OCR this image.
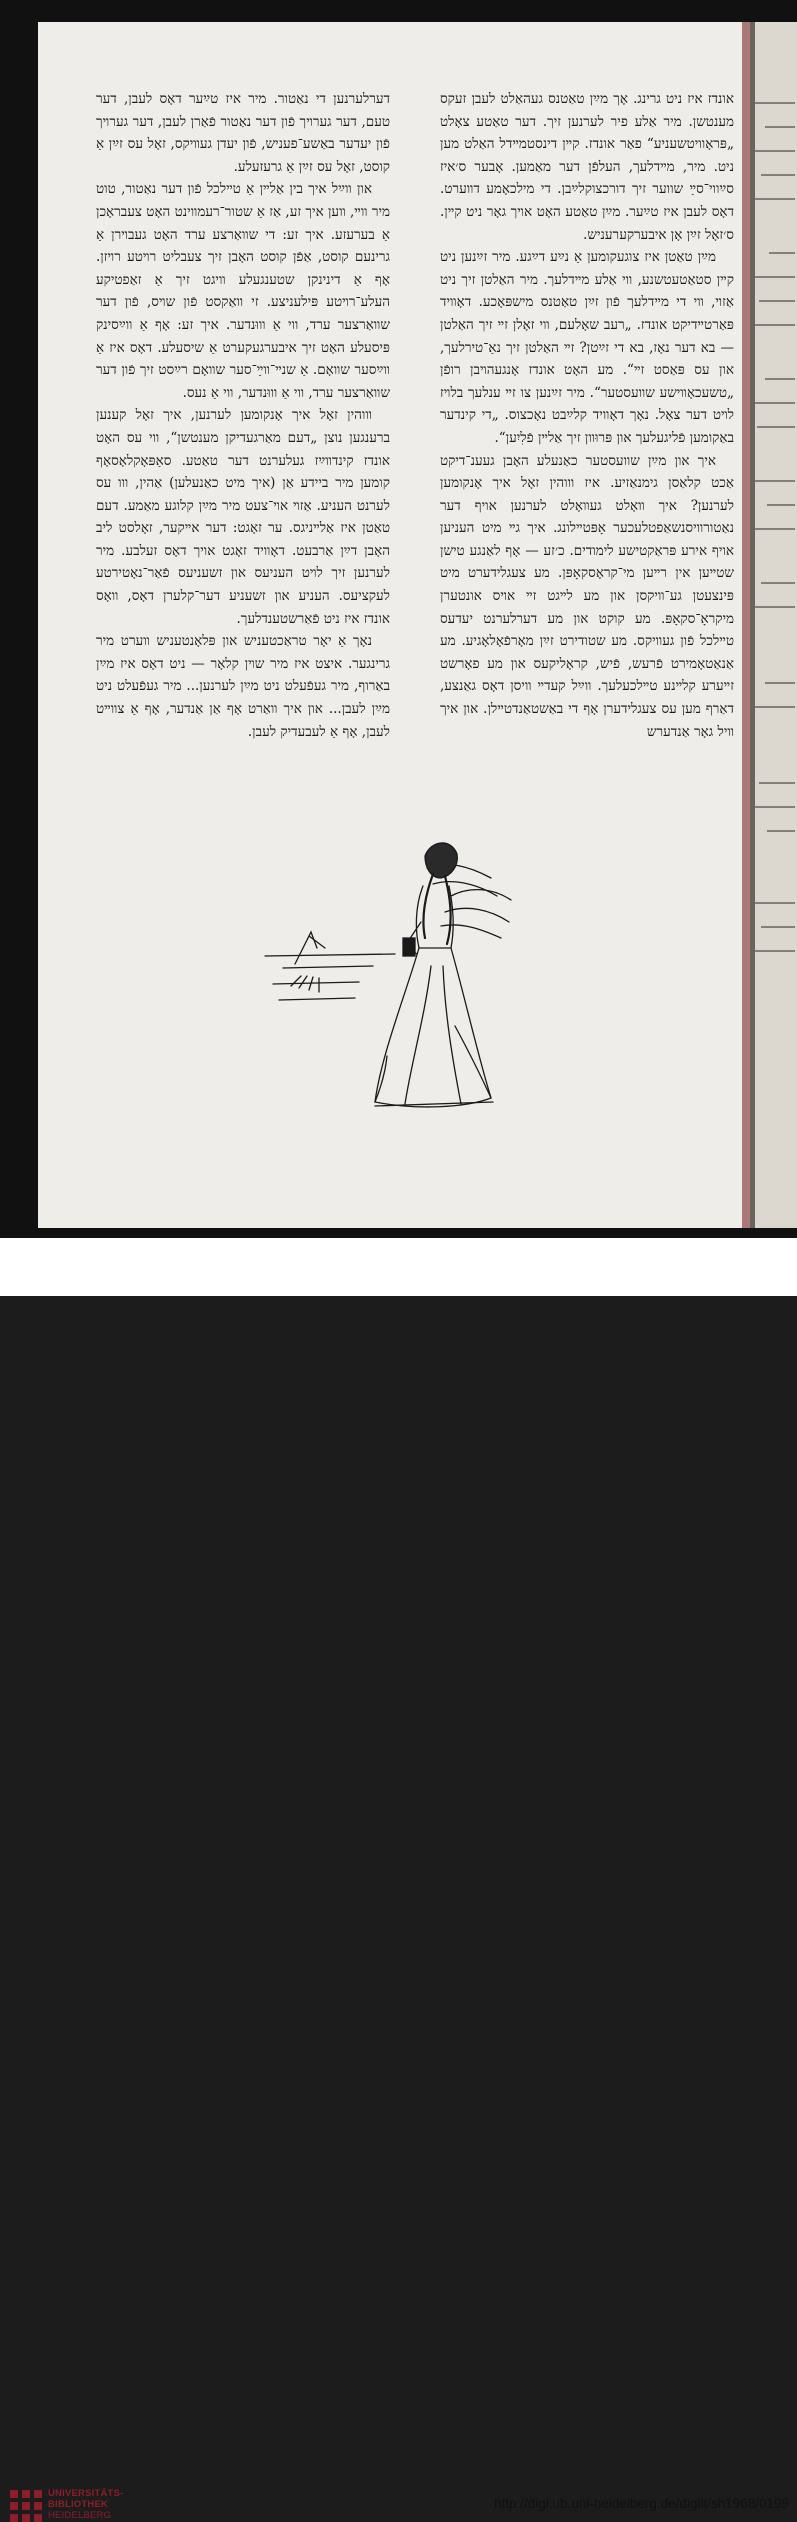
אונדז איז ניט גרינג. אָך מײַן טאַטנס געהאַלט לעבן זעקס מענטשן. מיר אַלע פיר לערנען זיך. דער טאַטע צאָלט „פּראָוויטשעניע“ פאַר אונדז. קײן דינסטמײדל האַלט מען ניט. מיר, מײדלעך, העלפֿן דער מאַמען. אָבער ס׳איז סײַווי־סײַ שווער זיך דורכצוקלײַבן. די מילכאָמע דװערט. דאָס לעבן איז טײַער. מײַן טאַטע האָט אױך גאָר ניט קײן. ס׳זאָל זײַן אָן איבערקערעניש.

מײַן טאַטן איז צוגעקומען אַ נײַע דײַגע. מיר זײַנען ניט קײן סטאַטעטשנע, װי אַלע מײדלעך. מיר האַלטן זיך ניט אַזױ, װי די מײדלעך פֿון זײַן טאַטנס מישפּאָכע. דאָװיד פּאַרטײדיקט אונדז. „רעב שאָלעם, װי זאָלן זײ זיך האַלטן — בא דער נאָז, בא די זײַטן? זײ האַלטן זיך נאַ־טירלעך, און עס פּאַסט זײ“. מע האָט אונדז אָנגעהױבן רופֿן „טשעכאָװישע שװעסטער“. מיר זײַנען צו זײ ענלעך בלױז לױט דער צאָל. נאָך דאָװיד קלײַבט נאָכצוס. „די קינדער באַקומען פֿליגעלעך און פּרוּװן זיך אַלײן פֿלִיִען“.

איך און מײַן שװעסטער כאַנעלע האָבן געענ־דיקט אַכט קלאַסן גימנאַזיע. איז װוהין זאָל איך אָנקומען לערנען? איך װאָלט געװאָלט לערנען אויף דער נאַטורװיסנשאַפטלעכער אָפּטײלונג. איך גײ מיט העניען אויף אירע פּראַקטישע לימודים. כ׳זע — אָף לאַנגע טישן שטײען אין רײען מי־קראָסקאָפּן. מע צעגלידערט מיט פּינצעטן גע־װיקסן און מע לײגט זײ אױס אונטערן מיקראָ־סקאָפּ. מע קוקט און מע דערלערנט יעדעס טײלכל פֿון געװיקס. מע שטודירט זײַן מאָרפֿאָלאָגיע. מע אַנאַטאָמירט פֿרעש, פֿיש, קראָליקעס און מע פאָרשט זײערע קלײנע טײלכעלעך. װײַל קעדײ װיסן דאָס גאַנצע, דאַרף מען עס צעגלידערן אָף די באַשטאַנדטײלן. און איך װיל גאָר אַנדערש

דערלערנען די נאַטור. מיר איז טײַער דאָס לעבן, דער טעם, דער גערױך פֿון דער נאַטור פֿאַרן לעבן, דער גערױך פֿון יעדער באַשע־פעניש, פֿון יעדן געװיקס, זאָל עס זײַן אַ קוסט, זאָל עס זײַן אַ גרעזעלע.

און װײַל איך בין אַלײן אַ טײלכל פֿון דער נאַטור, טוט מיר װײ, װען איך זע, אַז אַ שטור־רעמװינט האָט צעבראָכן אַ בערעזע. איך זע: די שװאַרצע ערד האָט געבױרן אַ גרינעם קוסט, אַפֿן קוסט האָבן זיך צעבליט רױטע רױזן. אָף אַ דינינקן שטענגעלע װיגט זיך אַ זאַפטיקע העלע־רױטע פּילעניצע. זי װאַקסט פֿון שױס, פֿון דער שװאַרצער ערד, װי אַ װוּנדער. איך זע: אָף אַ װײַסינק פּיסעלע האָט זיך איבערגעקערט אַ שיסעלע. דאָס איז אַ װײַסער שװאָם. אַ שנײ־װײַ־סער שװאָם רײַסט זיך פֿון דער שװאַרצער ערד, װי אַ װוּנדער, װי אַ נעס.

װוהין זאָל איך אָנקומען לערנען, איך זאָל קענען ברענגען נוצן „דעם מאַרגעדיקן מענטשן“, װי עס האָט אונדז קינדװײַז געלערנט דער טאַטע. סאַפּאָקלאָסאָף קומען מיר ביידע אַן (איך מיט כאַנעלען) אַהין, װו עס לערנט העניע. אַזױ אױ־צעט מיר מײַן קלוגע מאַמע. דעם טאַטן איז אַלײניגס. ער זאָגט: דער אײקער, זאָלסט ליב האָבן דײַן אַרבעט. דאָװיד זאָגט אויך דאָס זעלבע. מיר לערנען זיך לױט העניעס און זשעניעס פֿאַר־נאָטירטע לעקציעס. העניע און זשעניע דער־קלערן דאָס, װאָס אונדז איז ניט פֿאַרשטענדלעך.

נאָך אַ יאָר טראַכטעניש און פּלאָנטעניש װערט מיר גרינגער. איצט איז מיר שױן קלאָר — ניט דאָס איז מײַן באַרוף, מיר געפֿעלט ניט מײַן לערנען... מיר געפֿעלט ניט מײַן לעבן... און איך װאַרט אָף אַן אַנדער, אָף אַ צװײט לעבן, אָף אַ לעבעדיק לעבן.

UNIVERSITÄTS-
BIBLIOTHEK
HEIDELBERG
http://digi.ub.uni-heidelberg.de/diglit/sh1968/0199
